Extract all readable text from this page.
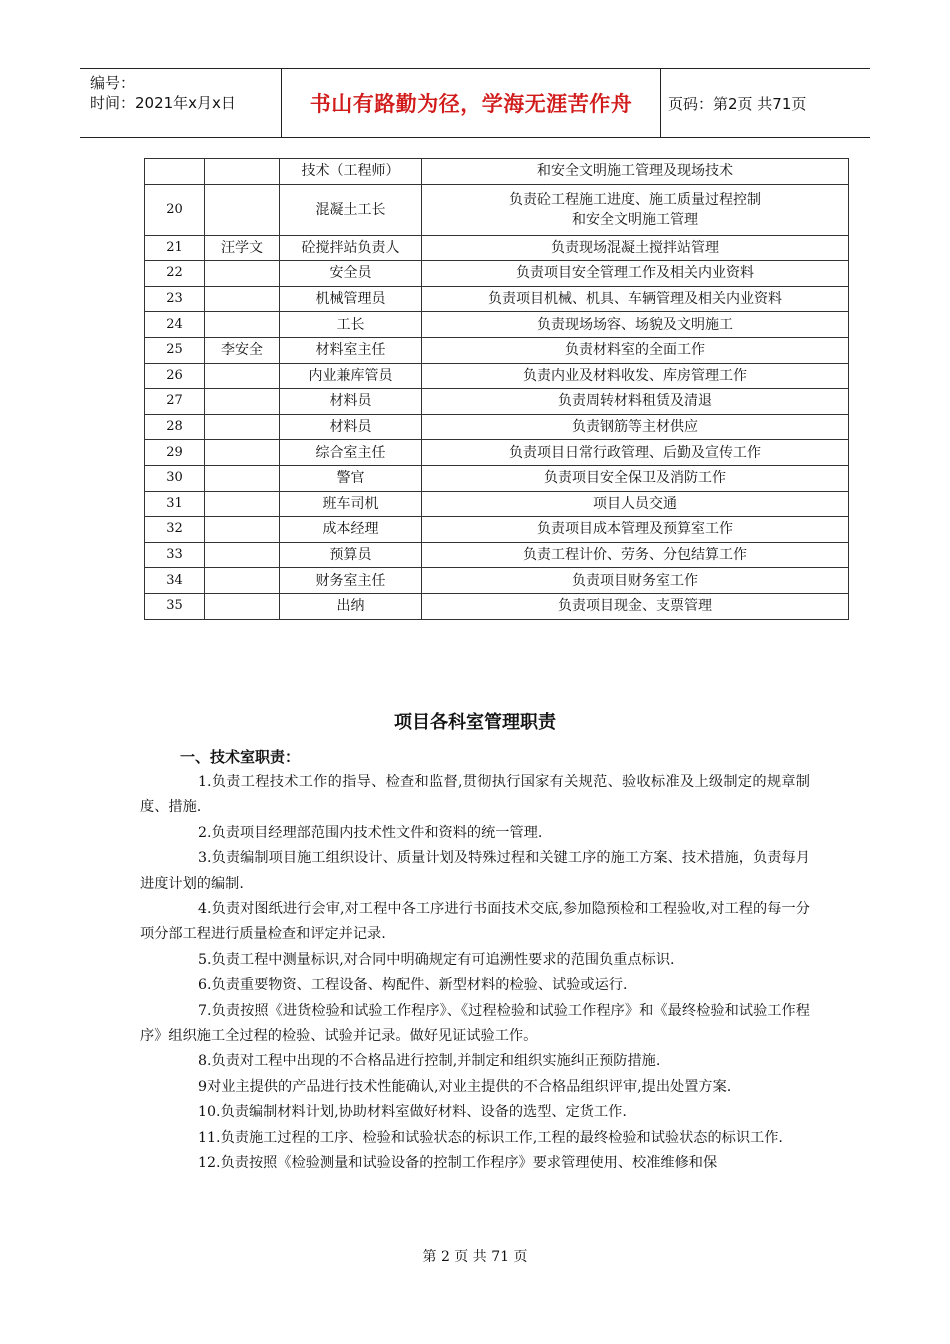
编号：
时间：2021年x月x日	书山有路勤为径，学海无涯苦作舟 页码：第2页 共71页
		技术（工程师）	和安全文明施工管理及现场技术
20		混凝土工长	负责砼工程施工进度、施工质量过程控制
和安全文明施工管理

21	汪学文	砼搅拌站负责人	负责现场混凝土搅拌站管理
22		安全员	负责项目安全管理工作及相关内业资料
23		机械管理员	负责项目机械、机具、车辆管理及相关内业资料
24		工长	负责现场场容、场貌及文明施工
25	李安全	材料室主任	负责材料室的全面工作
26		内业兼库管员	负责内业及材料收发、库房管理工作
27		材料员	负责周转材料租赁及清退
28		材料员	负责钢筋等主材供应
29		综合室主任	负责项目日常行政管理、后勤及宣传工作
30		警官	负责项目安全保卫及消防工作
31		班车司机	项目人员交通
32		成本经理	负责项目成本管理及预算室工作
33		预算员	负责工程计价、劳务、分包结算工作
34		财务室主任	负责项目财务室工作
35		出纳	负责项目现金、支票管理
项目各科室管理职责
一、技术室职责：

1.负责工程技术工作的指导、检查和监督,贯彻执行国家有关规范、验收标准及上级制定的规章制度、措施.

2.负责项目经理部范围内技术性文件和资料的统一管理.

3.负责编制项目施工组织设计、质量计划及特殊过程和关键工序的施工方案、技术措施，负责每月进度计划的编制.

4.负责对图纸进行会审,对工程中各工序进行书面技术交底,参加隐预检和工程验收,对工程的每一分项分部工程进行质量检查和评定并记录.

5.负责工程中测量标识,对合同中明确规定有可追溯性要求的范围负重点标识.

6.负责重要物资、工程设备、构配件、新型材料的检验、试验或运行.

7.负责按照《进货检验和试验工作程序》、《过程检验和试验工作程序》和《最终检验和试验工作程序》组织施工全过程的检验、试验并记录。做好见证试验工作。

8.负责对工程中出现的不合格品进行控制,并制定和组织实施纠正预防措施.

9对业主提供的产品进行技术性能确认,对业主提供的不合格品组织评审,提出处置方案.

10.负责编制材料计划,协助材料室做好材料、设备的选型、定货工作.

11.负责施工过程的工序、检验和试验状态的标识工作,工程的最终检验和试验状态的标识工作.

12.负责按照《检验测量和试验设备的控制工作程序》要求管理使用、校准维修和保

第 2 页 共 71 页
